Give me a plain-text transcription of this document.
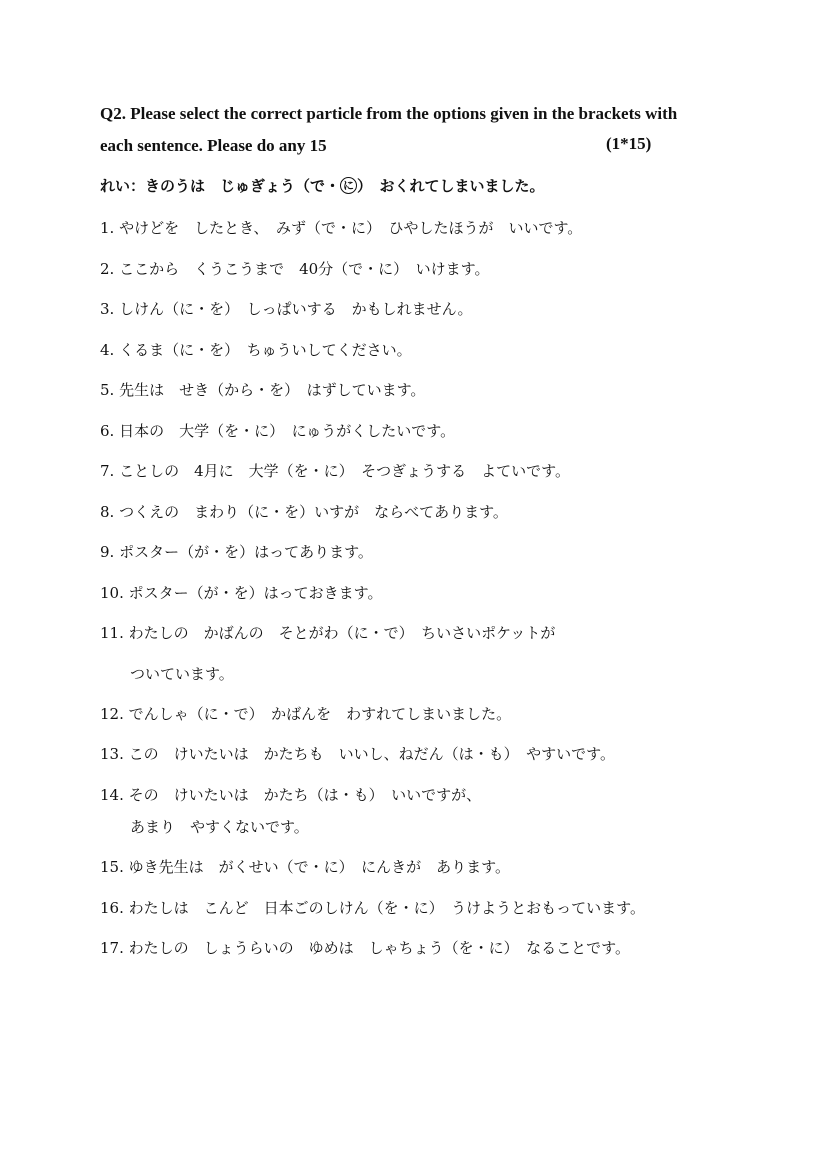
Q2. Please select the correct particle from the options given in the brackets with
each sentence. Please do any 15	(1*15)
れい：きのうは　じゅぎょう（で・ に ）　おくれてしまいました。
1. やけどを　したとき、　みず（で・に）　ひやしたほうが　いいです。
2. ここから　くうこうまで　40分（で・に）　いけます。
3. しけん（に・を）　しっぱいする　かもしれません。
4. くるま（に・を）　ちゅういしてください。
5. 先生は　せき（から・を）　はずしています。
6. 日本の　大学（を・に）　にゅうがくしたいです。
7. ことしの　4月に　大学（を・に）　そつぎょうする　よていです。
8. つくえの　まわり（に・を）いすが　ならべてあります。
9. ポスター（が・を）はってあります。
10. ポスター（が・を）はっておきます。
11. わたしの　かばんの　そとがわ（に・で）　ちいさいポケットが
ついています。
12. でんしゃ（に・で）　かばんを　わすれてしまいました。
13. この　けいたいは　かたちも　いいし、ねだん（は・も）　やすいです。
14. その　けいたいは　かたち（は・も）　いいですが、
あまり　やすくないです。
15. ゆき先生は　がくせい（で・に）　にんきが　あります。
16. わたしは　こんど　日本ごのしけん（を・に）　うけようとおもっています。
17. わたしの　しょうらいの　ゆめは　しゃちょう（を・に）　なることです。
